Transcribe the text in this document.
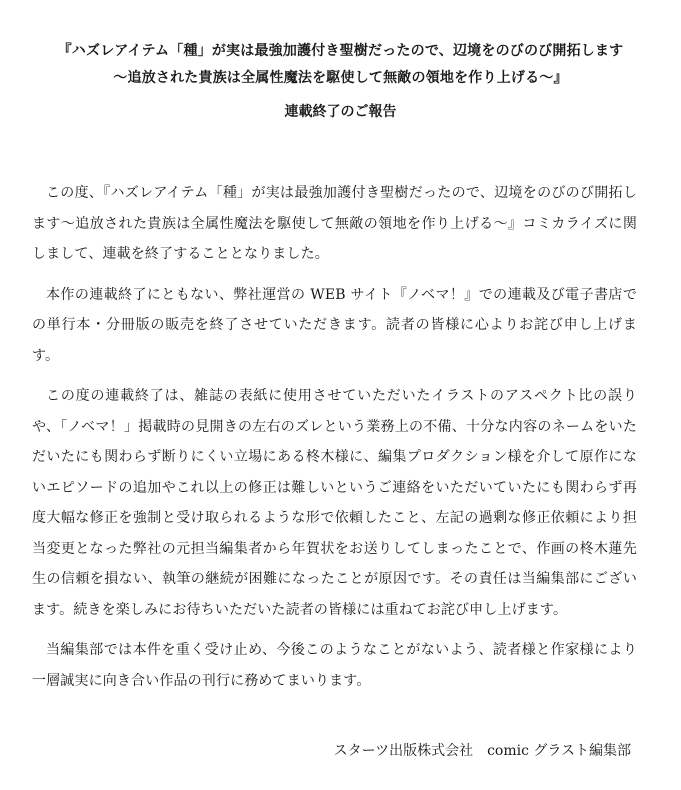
『ハズレアイテム「種」が実は最強加護付き聖樹だったので、辺境をのびのび開拓します
〜追放された貴族は全属性魔法を駆使して無敵の領地を作り上げる〜』
連載終了のご報告

この度、『ハズレアイテム「種」が実は最強加護付き聖樹だったので、辺境をのびのび開拓します〜追放された貴族は全属性魔法を駆使して無敵の領地を作り上げる〜』コミカライズに関しまして、連載を終了することとなりました。

本作の連載終了にともない、弊社運営の WEB サイト『ノベマ！』での連載及び電子書店での単行本・分冊版の販売を終了させていただきます。読者の皆様に心よりお詫び申し上げます。

この度の連載終了は、雑誌の表紙に使用させていただいたイラストのアスペクト比の誤りや、「ノベマ！」掲載時の見開きの左右のズレという業務上の不備、十分な内容のネームをいただいたにも関わらず断りにくい立場にある柊木様に、編集プロダクション様を介して原作にないエピソードの追加やこれ以上の修正は難しいというご連絡をいただいていたにも関わらず再度大幅な修正を強制と受け取られるような形で依頼したこと、左記の過剰な修正依頼により担当変更となった弊社の元担当編集者から年賀状をお送りしてしまったことで、作画の柊木蓮先生の信頼を損ない、執筆の継続が困難になったことが原因です。その責任は当編集部にございます。続きを楽しみにお待ちいただいた読者の皆様には重ねてお詫び申し上げます。

当編集部では本件を重く受け止め、今後このようなことがないよう、読者様と作家様により一層誠実に向き合い作品の刊行に務めてまいります。

スターツ出版株式会社　comic グラスト編集部
